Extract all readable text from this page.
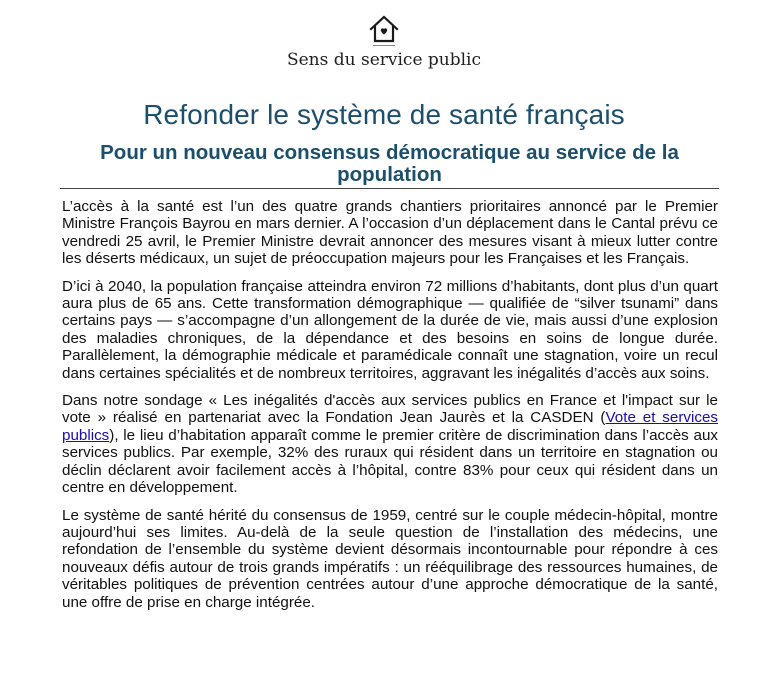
Sens du service public
Refonder le système de santé français
Pour un nouveau consensus démocratique au service de la population

L’accès à la santé est l’un des quatre grands chantiers prioritaires annoncé par le Premier Ministre François Bayrou en mars dernier. A l’occasion d’un déplacement dans le Cantal prévu ce vendredi 25 avril, le Premier Ministre devrait annoncer des mesures visant à mieux lutter contre les déserts médicaux, un sujet de préoccupation majeurs pour les Françaises et les Français.

D’ici à 2040, la population française atteindra environ 72 millions d’habitants, dont plus d’un quart aura plus de 65 ans. Cette transformation démographique — qualifiée de “silver tsunami” dans certains pays — s’accompagne d’un allongement de la durée de vie, mais aussi d’une explosion des maladies chroniques, de la dépendance et des besoins en soins de longue durée. Parallèlement, la démographie médicale et paramédicale connaît une stagnation, voire un recul dans certaines spécialités et de nombreux territoires, aggravant les inégalités d’accès aux soins.

Dans notre sondage « Les inégalités d'accès aux services publics en France et l'impact sur le vote » réalisé en partenariat avec la Fondation Jean Jaurès et la CASDEN (Vote et services publics), le lieu d’habitation apparaît comme le premier critère de discrimination dans l’accès aux services publics. Par exemple, 32% des ruraux qui résident dans un territoire en stagnation ou déclin déclarent avoir facilement accès à l’hôpital, contre 83% pour ceux qui résident dans un centre en développement.

Le système de santé hérité du consensus de 1959, centré sur le couple médecin-hôpital, montre aujourd’hui ses limites. Au-delà de la seule question de l’installation des médecins, une refondation de l’ensemble du système devient désormais incontournable pour répondre à ces nouveaux défis autour de trois grands impératifs : un rééquilibrage des ressources humaines, de véritables politiques de prévention centrées autour d’une approche démocratique de la santé, une offre de prise en charge intégrée.
